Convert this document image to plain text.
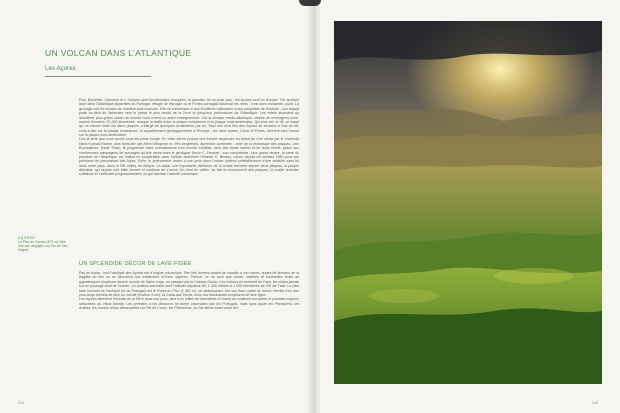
UN VOLCAN DANS L’ATLANTIQUE
Les Açores
AÇORES
La Pico de Cavalo (872 m) offre une vue dégagée sur l’île de São Miguel.

Pour Bruxelles, Lisbonne et « l’empire quel fonctionnaire européen, la question ne se pose pas : les Açores sont en Europe. Cet archipel isolé dans l’Atlantique appartient au Portugal, réfugié de l’époque où le Portes portugais sillonnait les mers ; il est donc européen, point. La géologie voit les choses de manière plus nuancée. Elle ne s’intéresse ni aux frontières nationales ni aux péripéties de l’histoire ; son regard porte au-delà de l’arbitraire vers le passé le plus reculé de la Terre et jusqu’aux profondeurs de l’Atlantique. Les reliefs abyssaux du deuxième plus grand océan du monde nous livrent un autre enseignement. Car la dorsale médio-atlantique, chaîne de montagnes sous-marine d’environ 20 000 kilomètres, marque la limite entre la plaque eurasienne et la plaque nord-américaine. Qui plus est, le rift, ce fossé qu’ se creuse entre les deux plaques, s’élargit de quelques centimètres par an. Sept des neuf îles des Açores se trouvent à l’est du rift, c’est-à-dire sur la plaque eurasienne, et appartiennent géologiquement à l’Europe ; les deux autres, Corvo et Flores, dérivent vers l’ouest sur la plaque nord-américaine.

Ous la terre que nous avons sous les pieds bouge. En cette dérive prouve une théorie esquissée au début du XXe siècle par le Zurichois Hans Konrad Escher, puis formulée par Alfred Wegener et, très longtemps, âprement contestée : celle de la tectonique des plaques. Une Écossaimée, Marie Tharp, fit progresser notre connaissance d’un monde invisible, celui des fonds marins et de leurs reliefs, grâce aux nombreuses campagnes de sondages qu’elle mena avec le géologue Bruce C. Heezen ; son compatriote. Leur grand œuvre, la carte du plancher de l’Atlantique, fut réalisé en coopération avec l’artiste autrichien Heinrich C. Berann, connu depuis les années 1930 pour ses peintures de panoramas des Alpes. Enfin, le phénomène caché à nos yeux dans l’océan (obtenu préalablement d’une visibilité sans fin dans notre pays, dans le Rift Valley, en Afrique. Là aussi, une importante déchirure de la croûte terrestre sépare deux plaques, la plaque africaine, qui sépare une faille formée et continue de s’ouvrir. En fond de vallée, du fait du mouvement des plaques, la croûte terrestre s’affaisse et s’effondre progressivement, ce qui favorise l’activité volcanique.

UN SPLENDIDE DÉCOR DE LAVE FIGÉE

Pas de doute : tout l’archipel des Açores est d’origine volcanique. Ses îles forment autant de massifs à ciel ouvert, autant de témoins de la fragilité du lieu où se déroulent nos existences d’Homo sapiens. Partout, ce ne sont que cônes, cratères et fumerolles, fruits de gigantesques éruptions dans le monde de Saint-Jorge, en passant par le Cabeço Gordo. Les volcans en sommeil de Faial, les cônes jamais sur un paysage sorti de l’océan. Un plateau sommital dont l’altitude dépasse les 1 000 mètres à 1 000 kilomètres de l’île de Faial. Le plus haut sommet de l’archipel (et du Portugal) est le Ponta do Pico (2 351 m), un stratovolcan. Sur son flanc ouest se trouve l’ermite d’un des plus longs tunnels de lave au monde (environ 5 km), la Gruta das Torres, avec ses fascinantes sculptures de lave figée.

Les Açores dévoilent l’histoire de la Terre sous nos yeux, plus d’un millier de kilomètres à l’ouest du continent européen et pourtant toujours rattachées au Vieux Monde. Les premiers à les découvrir ne furent cependant pas les Portugais, mais sans doute les Phéniciens, les Arabes, les marins venus découvertes sur l’île de Corvo, les Phéniciens, au IVe siècle avant notre ère.

214	215
